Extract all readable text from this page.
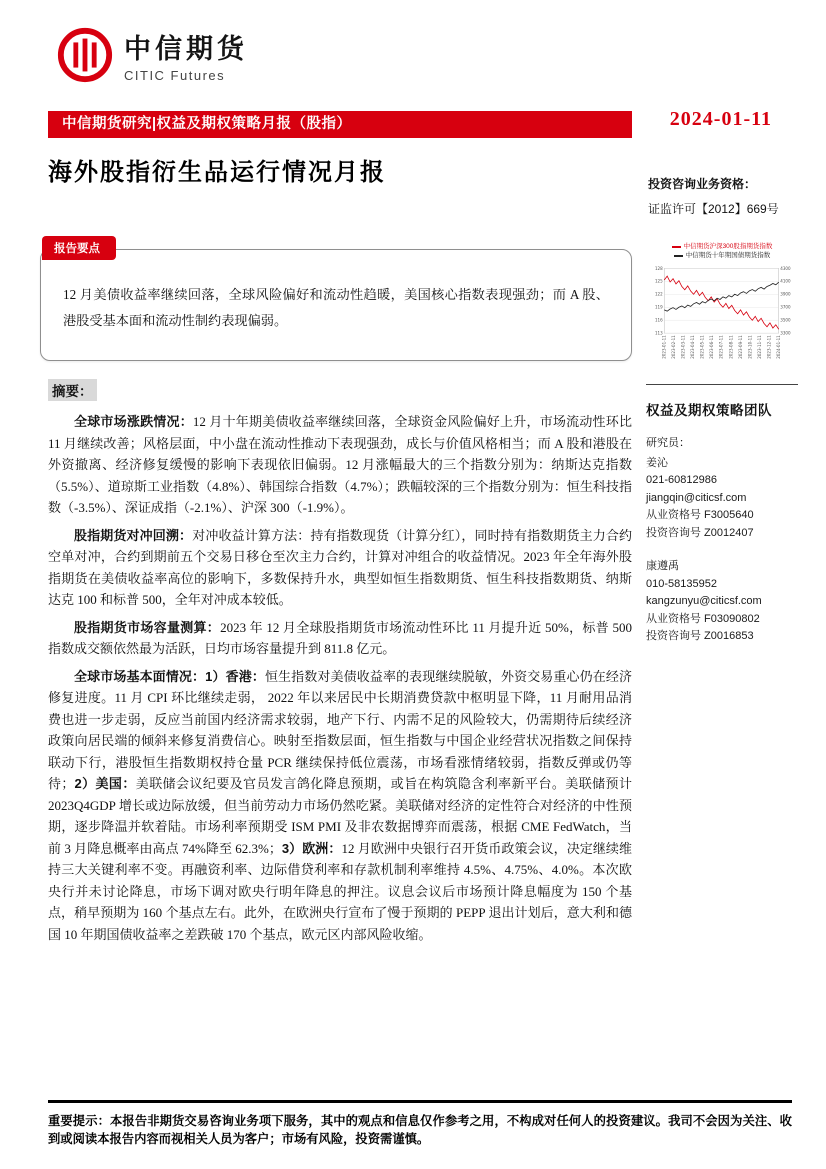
中信期货
CITIC Futures
中信期货研究|权益及期权策略月报（股指）	2024-01-11
海外股指衍生品运行情况月报	投资咨询业务资格：
证监许可【2012】669号
报告要点

12 月美债收益率继续回落，全球风险偏好和流动性趋暖，美国核心指数表现强劲；而 A 股、港股受基本面和流动性制约表现偏弱。

摘要：

全球市场涨跌情况：12 月十年期美债收益率继续回落，全球资金风险偏好上升，市场流动性环比 11 月继续改善；风格层面，中小盘在流动性推动下表现强劲，成长与价值风格相当；而 A 股和港股在外资撤离、经济修复缓慢的影响下表现依旧偏弱。12 月涨幅最大的三个指数分别为：纳斯达克指数（5.5%）、道琼斯工业指数（4.8%）、韩国综合指数（4.7%）；跌幅较深的三个指数分别为：恒生科技指数（-3.5%）、深证成指（-2.1%）、沪深 300（-1.9%）。

股指期货对冲回溯：对冲收益计算方法：持有指数现货（计算分红），同时持有指数期货主力合约空单对冲，合约到期前五个交易日移仓至次主力合约，计算对冲组合的收益情况。2023 年全年海外股指期货在美债收益率高位的影响下，多数保持升水，典型如恒生指数期货、恒生科技指数期货、纳斯达克 100 和标普 500，全年对冲成本较低。

股指期货市场容量测算：2023 年 12 月全球股指期货市场流动性环比 11 月提升近 50%，标普 500 指数成交额依然最为活跃，日均市场容量提升到 811.8 亿元。

全球市场基本面情况：1）香港：恒生指数对美债收益率的表现继续脱敏，外资交易重心仍在经济修复进度。11 月 CPI 环比继续走弱， 2022 年以来居民中长期消费贷款中枢明显下降，11 月耐用品消费也进一步走弱，反应当前国内经济需求较弱，地产下行、内需不足的风险较大，仍需期待后续经济政策向居民端的倾斜来修复消费信心。映射至指数层面，恒生指数与中国企业经营状况指数之间保持联动下行，港股恒生指数期权持仓量 PCR 继续保持低位震荡，市场看涨情绪较弱，指数反弹或仍等待；2）美国：美联储会议纪要及官员发言鸽化降息预期，或旨在构筑隐含利率新平台。美联储预计 2023Q4GDP 增长或边际放缓，但当前劳动力市场仍然吃紧。美联储对经济的定性符合对经济的中性预期，逐步降温并软着陆。市场利率预期受 ISM PMI 及非农数据博弈而震荡，根据 CME FedWatch，当前 3 月降息概率由高点 74%降至 62.3%；3）欧洲：12 月欧洲中央银行召开货币政策会议，决定继续维持三大关键利率不变。再融资利率、边际借贷利率和存款机制利率维持 4.5%、4.75%、4.0%。本次欧央行并未讨论降息，市场下调对欧央行明年降息的押注。议息会议后市场预计降息幅度为 150 个基点，稍早预期为 160 个基点左右。此外，在欧洲央行宣布了慢于预期的 PEPP 退出计划后，意大利和德国 10 年期国债收益率之差跌破 170 个基点，欧元区内部风险收缩。

中信期货沪深300股指期货指数
中信期货十年期国债期货指数
113
116
119
122
125
128
3300
3500
3700
3900
4100
4300
2023-01-11 2023-02-11 2023-03-11 2023-04-11 2023-05-11 2023-06-11 2023-07-11 2023-08-11 2023-09-11 2023-10-11 2023-11-11 2023-12-11 2024-01-11
权益及期权策略团队
研究员：
姜沁
021-60812986
jiangqin@citicsf.com
从业资格号 F3005640
投资咨询号 Z0012407
康遵禹
010-58135952
kangzunyu@citicsf.com
从业资格号 F03090802
投资咨询号 Z0016853
重要提示：本报告非期货交易咨询业务项下服务，其中的观点和信息仅作参考之用，不构成对任何人的投资建议。我司不会因为关注、收到或阅读本报告内容而视相关人员为客户；市场有风险，投资需谨慎。
